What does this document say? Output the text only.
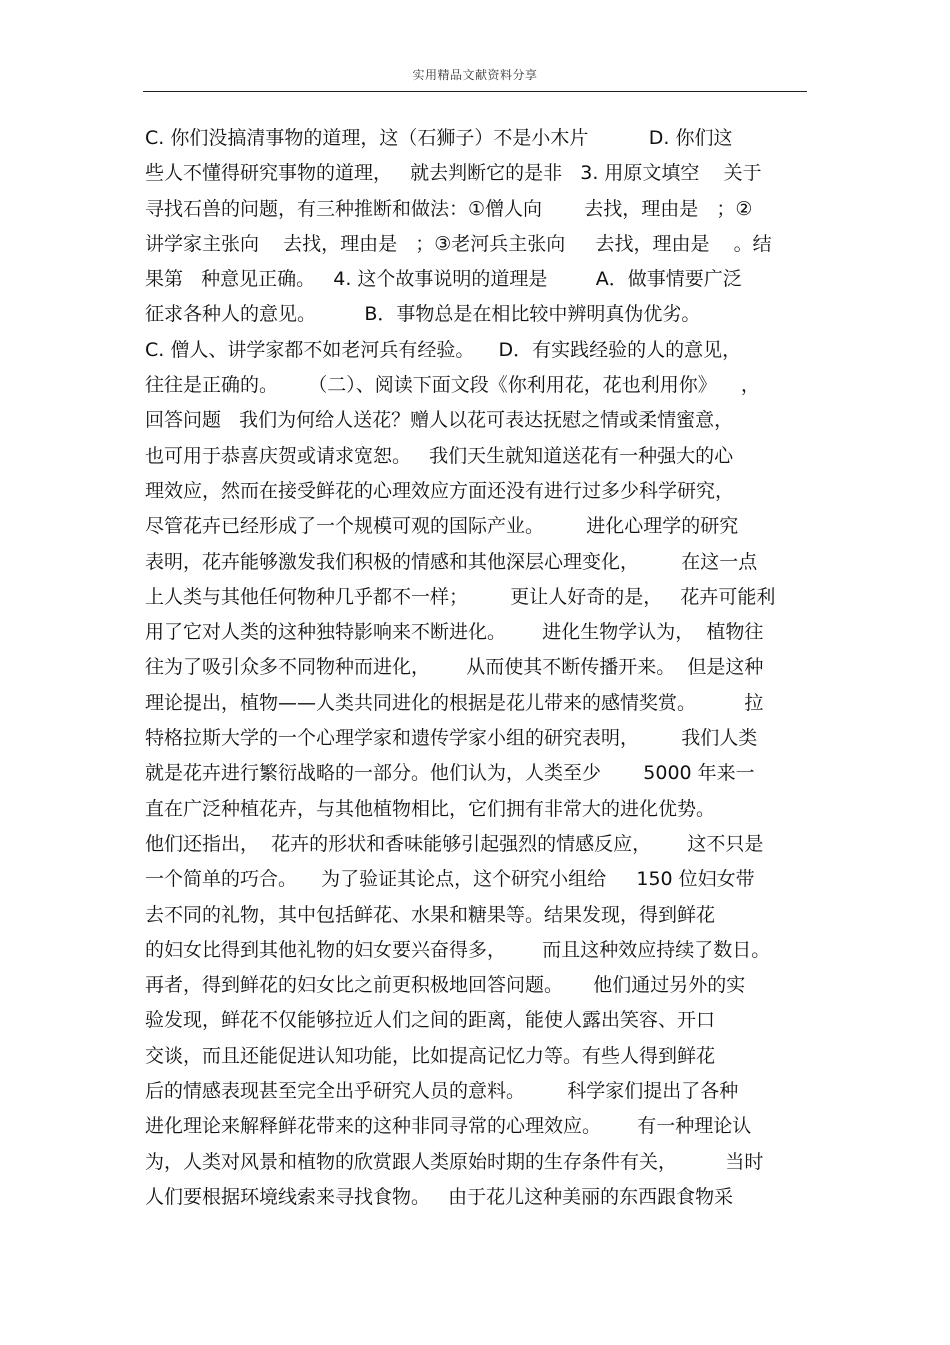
实用精品文献资料分享
C. 你们没搞清事物的道理，这（石狮子）不是小木片          D. 你们这
些人不懂得研究事物的道理，   就去判断它的是非   3. 用原文填空    关于
寻找石兽的问题，有三种推断和做法：①僧人向       去找，理由是   ；②
讲学家主张向    去找，理由是   ；③老河兵主张向     去找，理由是    。结
果第   种意见正确。   4. 这个故事说明的道理是        A．做事情要广泛
征求各种人的意见。        B．事物总是在相比较中辨明真伪优劣。
C. 僧人、讲学家都不如老河兵有经验。    D．有实践经验的人的意见，
往往是正确的。     （二）、阅读下面文段《你利用花，花也利用你》    ，
回答问题   我们为何给人送花？赠人以花可表达抚慰之情或柔情蜜意，
也可用于恭喜庆贺或请求宽恕。   我们天生就知道送花有一种强大的心
理效应，然而在接受鲜花的心理效应方面还没有进行过多少科学研究，
尽管花卉已经形成了一个规模可观的国际产业。       进化心理学的研究
表明，花卉能够激发我们积极的情感和其他深层心理变化，       在这一点
上人类与其他任何物种几乎都不一样；       更让人好奇的是，   花卉可能利
用了它对人类的这种独特影响来不断进化。      进化生物学认为，  植物往
往为了吸引众多不同物种而进化，      从而使其不断传播开来。  但是这种
理论提出，植物——人类共同进化的根据是花儿带来的感情奖赏。        拉
特格拉斯大学的一个心理学家和遗传学家小组的研究表明，       我们人类
就是花卉进行繁衍战略的一部分。他们认为，人类至少       5000 年来一
直在广泛种植花卉，与其他植物相比，它们拥有非常大的进化优势。
他们还指出，  花卉的形状和香味能够引起强烈的情感反应，      这不只是
一个简单的巧合。    为了验证其论点，这个研究小组给     150 位妇女带
去不同的礼物，其中包括鲜花、水果和糖果等。结果发现，得到鲜花
的妇女比得到其他礼物的妇女要兴奋得多，      而且这种效应持续了数日。
再者，得到鲜花的妇女比之前更积极地回答问题。     他们通过另外的实
验发现，鲜花不仅能够拉近人们之间的距离，能使人露出笑容、开口
交谈，而且还能促进认知功能，比如提高记忆力等。有些人得到鲜花
后的情感表现甚至完全出乎研究人员的意料。       科学家们提出了各种
进化理论来解释鲜花带来的这种非同寻常的心理效应。      有一种理论认
为，人类对风景和植物的欣赏跟人类原始时期的生存条件有关，        当时
人们要根据环境线索来寻找食物。   由于花儿这种美丽的东西跟食物采
